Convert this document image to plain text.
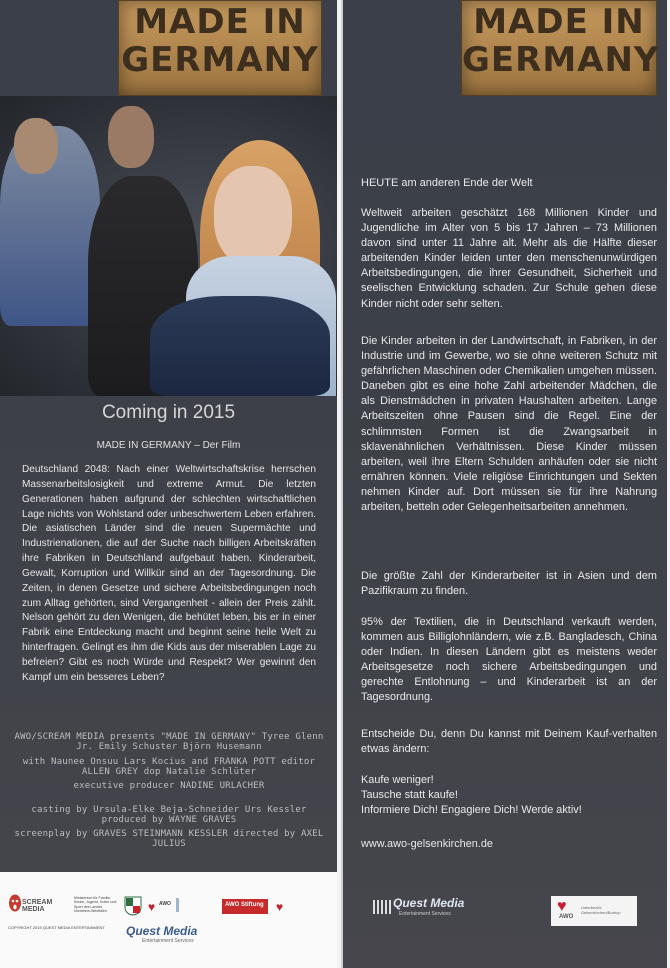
MADE IN
GERMANY
Coming in 2015
MADE IN GERMANY – Der Film
Deutschland 2048: Nach einer Weltwirtschaftskrise herrschen Massenarbeitslosigkeit und extreme Armut. Die letzten Generationen haben aufgrund der schlechten wirtschaftlichen Lage nichts von Wohlstand oder unbeschwertem Leben erfahren. Die asiatischen Länder sind die neuen Supermächte und Industrienationen, die auf der Suche nach billigen Arbeitskräften ihre Fabriken in Deutschland aufgebaut haben. Kinderarbeit, Gewalt, Korruption und Willkür sind an der Tagesordnung. Die Zeiten, in denen Gesetze und sichere Arbeitsbedingungen noch zum Alltag gehörten, sind Vergangenheit - allein der Preis zählt. Nelson gehört zu den Wenigen, die behütet leben, bis er in einer Fabrik eine Entdeckung macht und beginnt seine heile Welt zu hinterfragen. Gelingt es ihm die Kids aus der miserablen Lage zu befreien? Gibt es noch Würde und Respekt? Wer gewinnt den Kampf um ein besseres Leben?
AWO/SCREAM MEDIA presents "MADE IN GERMANY" Tyree Glenn Jr. Emily Schuster Björn Husemann
with Naunee Onsuu Lars Kocius and FRANKA POTT editor ALLEN GREY dop Natalie Schlüter
executive producer NADINE URLACHER
casting by Ursula-Elke Beja-Schneider Urs Kessler produced by WAYNE GRAVES
screenplay by GRAVES STEINMANN KESSLER directed by AXEL JULIUS
SCREAM MEDIA
Ministerium für Familie, Kinder, Jugend, Kultur und Sport des Landes Nordrhein-Westfalen	♥ AWO	AWO Stiftung ♥
Quest Media
Entertainment Services
COPYRIGHT 2015 QUEST MEDIA ENTERTAINMENT
MADE IN
GERMANY
HEUTE am anderen Ende der Welt
Weltweit arbeiten geschätzt 168 Millionen Kinder und Jugendliche im Alter von 5 bis 17 Jahren – 73 Millionen davon sind unter 11 Jahre alt. Mehr als die Hälfte dieser arbeitenden Kinder leiden unter den menschenunwürdigen Arbeitsbedingungen, die ihrer Gesundheit, Sicherheit und seelischen Entwicklung schaden. Zur Schule gehen diese Kinder nicht oder sehr selten.
Die Kinder arbeiten in der Landwirtschaft, in Fabriken, in der Industrie und im Gewerbe, wo sie ohne weiteren Schutz mit gefährlichen Maschinen oder Chemikalien umgehen müssen. Daneben gibt es eine hohe Zahl arbeitender Mädchen, die als Dienstmädchen in privaten Haushalten arbeiten. Lange Arbeitszeiten ohne Pausen sind die Regel. Eine der schlimmsten Formen ist die Zwangsarbeit in sklavenähnlichen Verhältnissen. Diese Kinder müssen arbeiten, weil ihre Eltern Schulden anhäufen oder sie nicht ernähren können. Viele religiöse Einrichtungen und Sekten nehmen Kinder auf. Dort müssen sie für ihre Nahrung arbeiten, betteln oder Gelegenheitsarbeiten annehmen.
Die größte Zahl der Kinderarbeiter ist in Asien und dem Pazifikraum zu finden.
95% der Textilien, die in Deutschland verkauft werden, kommen aus Billiglohnländern, wie z.B. Bangladesch, China oder Indien. In diesen Ländern gibt es meistens weder Arbeitsgesetze noch sichere Arbeitsbedingungen und gerechte Entlohnung – und Kinderarbeit ist an der Tagesordnung.
Entscheide Du, denn Du kannst mit Deinem Kauf-verhalten etwas ändern:
Kaufe weniger!
Tausche statt kaufe!
Informiere Dich! Engagiere Dich! Werde aktiv!
www.awo-gelsenkirchen.de
Quest Media
Entertainment Services	♥
AWO
Unterbezirk Gelsenkirchen/Bottrop
